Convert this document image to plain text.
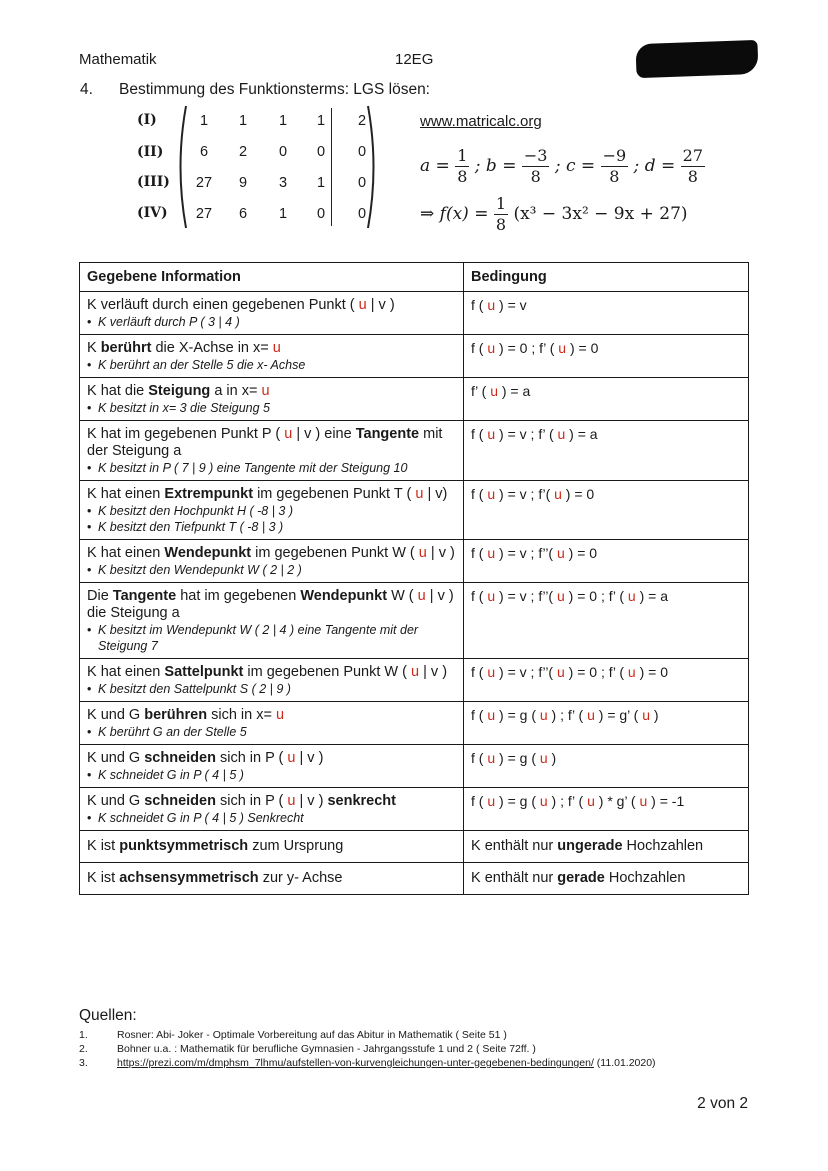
Mathematik	12EG
4. Bestimmung des Funktionsterms: LGS lösen:
(I)
(II)
(III)
(IV)
1	1	1	1	2
6	2	0	0	0
27	9	3	1	0
27	6	1	0	0
www.matricalc.org
$a = \frac{1}{8}$ ; $b = \frac{-3}{8}$ ; $c = \frac{-9}{8}$ ; $d = \frac{27}{8}$
⇒ $f(x) = \frac{1}{8} (x^3 - 3x^2 - 9x + 27)$
Gegebene Information	Bedingung

K verläuft durch einen gegebenen Punkt ( u | v )
• K verläuft durch P ( 3 | 4 )	f ( u ) = v

K berührt die X-Achse in x= u
• K berührt an der Stelle 5 die x- Achse	f ( u ) = 0 ; f’ ( u ) = 0

K hat die Steigung a in x= u
• K besitzt in x= 3 die Steigung 5	f’ ( u ) = a

K hat im gegebenen Punkt P ( u | v ) eine Tangente mit der Steigung a
• K besitzt in P ( 7 | 9 ) eine Tangente mit der Steigung 10	f ( u ) = v ; f’ ( u ) = a

K hat einen Extrempunkt im gegebenen Punkt T ( u | v)
• K besitzt den Hochpunkt H ( -8 | 3 )
• K besitzt den Tiefpunkt T ( -8 | 3 )	f ( u ) = v ; f’( u ) = 0

K hat einen Wendepunkt im gegebenen Punkt W ( u | v )
• K besitzt den Wendepunkt W ( 2 | 2 )	f ( u ) = v ; f’’( u ) = 0

Die Tangente hat im gegebenen Wendepunkt W ( u | v ) die Steigung a
• K besitzt im Wendepunkt W ( 2 | 4 ) eine Tangente mit der Steigung 7	f ( u ) = v ; f’’( u ) = 0 ; f’ ( u ) = a

K hat einen Sattelpunkt im gegebenen Punkt W ( u | v )
• K besitzt den Sattelpunkt S ( 2 | 9 )	f ( u ) = v ; f’’( u ) = 0 ; f’ ( u ) = 0

K und G berühren sich in x= u
• K berührt G an der Stelle 5	f ( u ) = g ( u ) ; f’ ( u ) = g’ ( u )

K und G schneiden sich in P ( u | v )
• K schneidet G in P ( 4 | 5 )	f ( u ) = g ( u )

K und G schneiden sich in P ( u | v ) senkrecht
• K schneidet G in P ( 4 | 5 ) Senkrecht	f ( u ) = g ( u ) ; f’ ( u ) * g’ ( u ) = -1

K ist punktsymmetrisch zum Ursprung	K enthält nur ungerade Hochzahlen

K ist achsensymmetrisch zur y- Achse	K enthält nur gerade Hochzahlen
Quellen:
1.	Rosner: Abi- Joker - Optimale Vorbereitung auf das Abitur in Mathematik ( Seite 51 )
2.	Bohner u.a. : Mathematik für berufliche Gymnasien - Jahrgangsstufe 1 und 2 ( Seite 72ff. )
3.	https://prezi.com/m/dmphsm_7lhmu/aufstellen-von-kurvengleichungen-unter-gegebenen-bedingungen/ (11.01.2020)
2 von 2
